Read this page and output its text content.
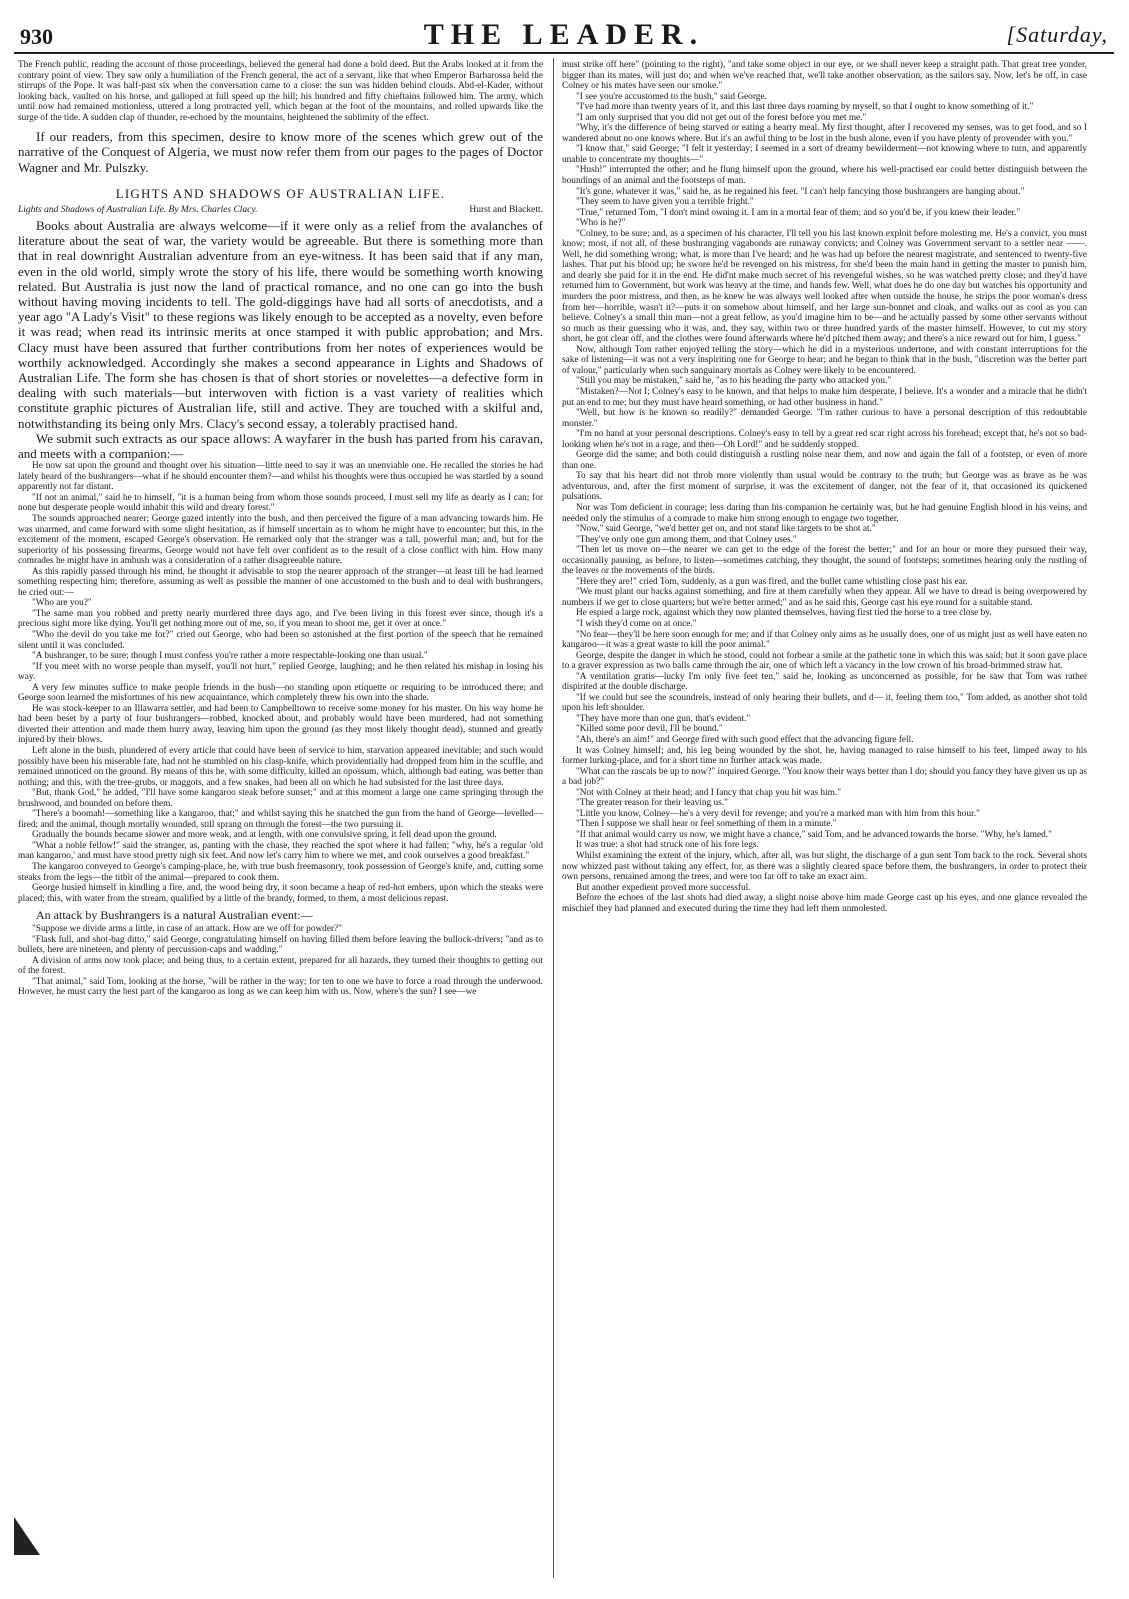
930	THE LEADER.	[Saturday,

The French public, reading the account of those proceedings, believed the general had done a bold deed. But the Arabs looked at it from the contrary point of view. They saw only a humiliation of the French general, the act of a servant, like that when Emperor Barbarossa held the stirrups of the Pope. It was half-past six when the conversation came to a close: the sun was hidden behind clouds. Abd-el-Kader, without looking back, vaulted on his horse, and galloped at full speed up the hill; his hundred and fifty chieftains followed him. The army, which until now had remained motionless, uttered a long protracted yell, which began at the foot of the mountains, and rolled upwards like the surge of the tide. A sudden clap of thunder, re-echoed by the mountains, heightened the sublimity of the effect.

If our readers, from this specimen, desire to know more of the scenes which grew out of the narrative of the Conquest of Algeria, we must now refer them from our pages to the pages of Doctor Wagner and Mr. Pulszky.

LIGHTS AND SHADOWS OF AUSTRALIAN LIFE.
Lights and Shadows of Australian Life. By Mrs. Charles Clacy.	Hurst and Blackett.

Books about Australia are always welcome—if it were only as a relief from the avalanches of literature about the seat of war, the variety would be agreeable. But there is something more than that in real downright Australian adventure from an eye-witness. It has been said that if any man, even in the old world, simply wrote the story of his life, there would be something worth knowing related. But Australia is just now the land of practical romance, and no one can go into the bush without having moving incidents to tell. The gold-diggings have had all sorts of anecdotists, and a year ago "A Lady's Visit" to these regions was likely enough to be accepted as a novelty, even before it was read; when read its intrinsic merits at once stamped it with public approbation; and Mrs. Clacy must have been assured that further contributions from her notes of experiences would be worthily acknowledged. Accordingly she makes a second appearance in Lights and Shadows of Australian Life. The form she has chosen is that of short stories or novelettes—a defective form in dealing with such materials—but interwoven with fiction is a vast variety of realities which constitute graphic pictures of Australian life, still and active. They are touched with a skilful and, notwithstanding its being only Mrs. Clacy's second essay, a tolerably practised hand.

We submit such extracts as our space allows: A wayfarer in the bush has parted from his caravan, and meets with a companion:—

He now sat upon the ground and thought over his situation—little need to say it was an unenviable one. He recalled the stories he had lately heard of the bushrangers—what if he should encounter them?—and whilst his thoughts were thus occupied he was startled by a sound apparently not far distant.

"If not an animal," said he to himself, "it is a human being from whom those sounds proceed, I must sell my life as dearly as I can; for none but desperate people would inhabit this wild and dreary forest."

The sounds approached nearer; George gazed intently into the bush, and then perceived the figure of a man advancing towards him. He was unarmed, and came forward with some slight hesitation, as if himself uncertain as to whom he might have to encounter; but this, in the excitement of the moment, escaped George's observation. He remarked only that the stranger was a tall, powerful man; and, but for the superiority of his possessing firearms, George would not have felt over confident as to the result of a close conflict with him. How many comrades he might have in ambush was a consideration of a rather disagreeable nature.

As this rapidly passed through his mind, he thought it advisable to stop the nearer approach of the stranger—at least till he had learned something respecting him; therefore, assuming as well as possible the manner of one accustomed to the bush and to deal with bushrangers, he cried out:—

"Who are you?"

"The same man you robbed and pretty nearly murdered three days ago, and I've been living in this forest ever since, though it's a precious sight more like dying. You'll get nothing more out of me, so, if you mean to shoot me, get it over at once."

"Who the devil do you take me for?" cried out George, who had been so astonished at the first portion of the speech that he remained silent until it was concluded.

"A bushranger, to be sure; though I must confess you're rather a more respectable-looking one than usual."

"If you meet with no worse people than myself, you'll not hurt," replied George, laughing; and he then related his mishap in losing his way.

A very few minutes suffice to make people friends in the bush—no standing upon etiquette or requiring to be introduced there; and George soon learned the misfortunes of his new acquaintance, which completely threw his own into the shade.

He was stock-keeper to an Illawarra settler, and had been to Campbelltown to receive some money for his master. On his way home he had been beset by a party of four bushrangers—robbed, knocked about, and probably would have been murdered, had not something diverted their attention and made them hurry away, leaving him upon the ground (as they most likely thought dead), stunned and greatly injured by their blows.

Left alone in the bush, plundered of every article that could have been of service to him, starvation appeared inevitable; and such would possibly have been his miserable fate, had not he stumbled on his clasp-knife, which providentially had dropped from him in the scuffle, and remained unnoticed on the ground. By means of this he, with some difficulty, killed an opossum, which, although bad eating, was better than nothing; and this, with the tree-grubs, or maggots, and a few snakes, had been all on which he had subsisted for the last three days.

"But, thank God," he added, "I'll have some kangaroo steak before sunset;" and at this moment a large one came springing through the brushwood, and bounded on before them.

"There's a boomah!—something like a kangaroo, that;" and whilst saying this he snatched the gun from the hand of George—levelled—fired; and the animal, though mortally wounded, still sprang on through the forest—the two pursuing it.

Gradually the bounds became slower and more weak, and at length, with one convulsive spring, it fell dead upon the ground.

"What a noble fellow!" said the stranger, as, panting with the chase, they reached the spot where it had fallen; "why, he's a regular 'old man kangaroo,' and must have stood pretty nigh six feet. And now let's carry him to where we met, and cook ourselves a good breakfast."

The kangaroo conveyed to George's camping-place, he, with true bush freemasonry, took possession of George's knife, and, cutting some steaks from the legs—the titbit of the animal—prepared to cook them.

George busied himself in kindling a fire, and, the wood being dry, it soon became a heap of red-hot embers, upon which the steaks were placed; this, with water from the stream, qualified by a little of the brandy, formed, to them, a most delicious repast.

An attack by Bushrangers is a natural Australian event:—

"Suppose we divide arms a little, in case of an attack. How are we off for powder?"

"Flask full, and shot-bag ditto," said George, congratulating himself on having filled them before leaving the bullock-drivers; "and as to bullets, here are nineteen, and plenty of percussion-caps and wadding."

A division of arms now took place; and being thus, to a certain extent, prepared for all hazards, they turned their thoughts to getting out of the forest.

"That animal," said Tom, looking at the horse, "will be rather in the way; for ten to one we have to force a road through the underwood. However, he must carry the best part of the kangaroo as long as we can keep him with us. Now, where's the sun? I see—we

must strike off here" (pointing to the right), "and take some object in our eye, or we shall never keep a straight path. That great tree yonder, bigger than its mates, will just do; and when we've reached that, we'll take another observation, as the sailors say. Now, let's be off, in case Colney or his mates have seen our smoke."

"I see you're accustomed to the bush," said George.

"I've had more than twenty years of it, and this last three days roaming by myself, so that I ought to know something of it."

"I am only surprised that you did not get out of the forest before you met me."

"Why, it's the difference of being starved or eating a hearty meal. My first thought, after I recovered my senses, was to get food, and so I wandered about no one knows where. But it's an awful thing to be lost in the bush alone, even if you have plenty of provender with you."

"I know that," said George; "I felt it yesterday; I seemed in a sort of dreamy bewilderment—not knowing where to turn, and apparently unable to concentrate my thoughts—"

"Hush!" interrupted the other; and he flung himself upon the ground, where his well-practised ear could better distinguish between the boundings of an animal and the footsteps of man.

"It's gone, whatever it was," said he, as he regained his feet. "I can't help fancying those bushrangers are hanging about."

"They seem to have given you a terrible fright."

"True," returned Tom, "I don't mind owning it. I am in a mortal fear of them; and so you'd be, if you knew their leader."

"Who is he?"

"Colney, to be sure; and, as a specimen of his character, I'll tell you his last known exploit before molesting me. He's a convict, you must know; most, if not all, of these bushranging vagabonds are runaway convicts; and Colney was Government servant to a settler near ——. Well, he did something wrong; what, is more than I've heard; and he was had up before the nearest magistrate, and sentenced to twenty-five lashes. That put his blood up; he swore he'd be revenged on his mistress, for she'd been the main hand in getting the master to punish him, and dearly she paid for it in the end. He did'nt make much secret of his revengeful wishes, so he was watched pretty close; and they'd have returned him to Government, but work was heavy at the time, and hands few. Well, what does he do one day but watches his opportunity and murders the poor mistress, and then, as he knew he was always well looked after when outside the house, he strips the poor woman's dress from her—horrible, wasn't it?—puts it on somehow about himself, and her large sun-bonnet and cloak, and walks out as cool as you can believe. Colney's a small thin man—not a great fellow, as you'd imagine him to be—and he actually passed by some other servants without so much as their guessing who it was, and, they say, within two or three hundred yards of the master himself. However, to cut my story short, he got clear off, and the clothes were found afterwards where he'd pitched them away; and there's a nice reward out for him, I guess."

Now, although Tom rather enjoyed telling the story—which he did in a mysterious undertone, and with constant interruptions for the sake of listening—it was not a very inspiriting one for George to hear; and he began to think that in the bush, "discretion was the better part of valour," particularly when such sanguinary mortals as Colney were likely to be encountered.

"Still you may be mistaken," said he, "as to his heading the party who attacked you."

"Mistaken?—Not I; Colney's easy to be known, and that helps to make him desperate, I believe. It's a wonder and a miracle that he didn't put an end to me; but they must have heard something, or had other business in hand."

"Well, but how is he known so readily?" demanded George. "I'm rather curious to have a personal description of this redoubtable monster."

"I'm no hand at your personal descriptions. Colney's easy to tell by a great red scar right across his forehead; except that, he's not so bad-looking when he's not in a rage, and then—Oh Lord!" and he suddenly stopped.

George did the same; and both could distinguish a rustling noise near them, and now and again the fall of a footstep, or even of more than one.

To say that his heart did not throb more violently than usual would be contrary to the truth; but George was as brave as he was adventurous, and, after the first moment of surprise, it was the excitement of danger, not the fear of it, that occasioned its quickened pulsations.

Nor was Tom deficient in courage; less daring than his companion he certainly was, but he had genuine English blood in his veins, and needed only the stimulus of a comrade to make him strong enough to engage two together.

"Now," said George, "we'd better get on, and not stand like targets to be shot at."

"They've only one gun among them, and that Colney uses."

"Then let us move on—the nearer we can get to the edge of the forest the better;" and for an hour or more they pursued their way, occasionally pausing, as before, to listen—sometimes catching, they thought, the sound of footsteps; sometimes hearing only the rustling of the leaves or the movements of the birds.

"Here they are!" cried Tom, suddenly, as a gun was fired, and the bullet came whistling close past his ear.

"We must plant our backs against something, and fire at them carefully when they appear. All we have to dread is being overpowered by numbers if we get to close quarters; but we're better armed;" and as he said this, George cast his eye round for a suitable stand.

He espied a large rock, against which they now planted themselves, having first tied the horse to a tree close by.

"I wish they'd come on at once."

"No fear—they'll be here soon enough for me; and if that Colney only aims as he usually does, one of us might just as well have eaten no kangaroo—it was a great waste to kill the poor animal."

George, despite the danger in which he stood, could not forbear a smile at the pathetic tone in which this was said; but it soon gave place to a graver expression as two balls came through the air, one of which left a vacancy in the low crown of his broad-brimmed straw hat.

"A ventilation gratis—lucky I'm only five feet ten," said he, looking as unconcerned as possible, for he saw that Tom was rather dispirited at the double discharge.

"If we could but see the scoundrels, instead of only hearing their bullets, and d— it, feeling them too," Tom added, as another shot told upon his left shoulder.

"They have more than one gun, that's evident."

"Killed some poor devil, I'll be bound."

"Ah, there's an aim!" and George fired with such good effect that the advancing figure fell.

It was Colney himself; and, his leg being wounded by the shot, he, having managed to raise himself to his feet, limped away to his former lurking-place, and for a short time no further attack was made.

"What can the rascals be up to now?" inquired George. "You know their ways better than I do; should you fancy they have given us up as a bad job?"

"Not with Colney at their head; and I fancy that chap you hit was him."

"The greater reason for their leaving us."

"Little you know, Colney—he's a very devil for revenge; and you're a marked man with him from this hour."

"Then I suppose we shall hear or feel something of them in a minute."

"If that animal would carry us now, we might have a chance," said Tom, and he advanced towards the horse. "Why, he's lamed."

It was true: a shot had struck one of his fore legs.

Whilst examining the extent of the injury, which, after all, was but slight, the discharge of a gun sent Tom back to the rock. Several shots now whizzed past without taking any effect, for, as there was a slightly cleared space before them, the bushrangers, in order to protect their own persons, remained among the trees, and were too far off to take an exact aim.

But another expedient proved more successful.

Before the echoes of the last shots had died away, a slight noise above him made George cast up his eyes, and one glance revealed the mischief they had planned and executed during the time they had left them unmolested.
